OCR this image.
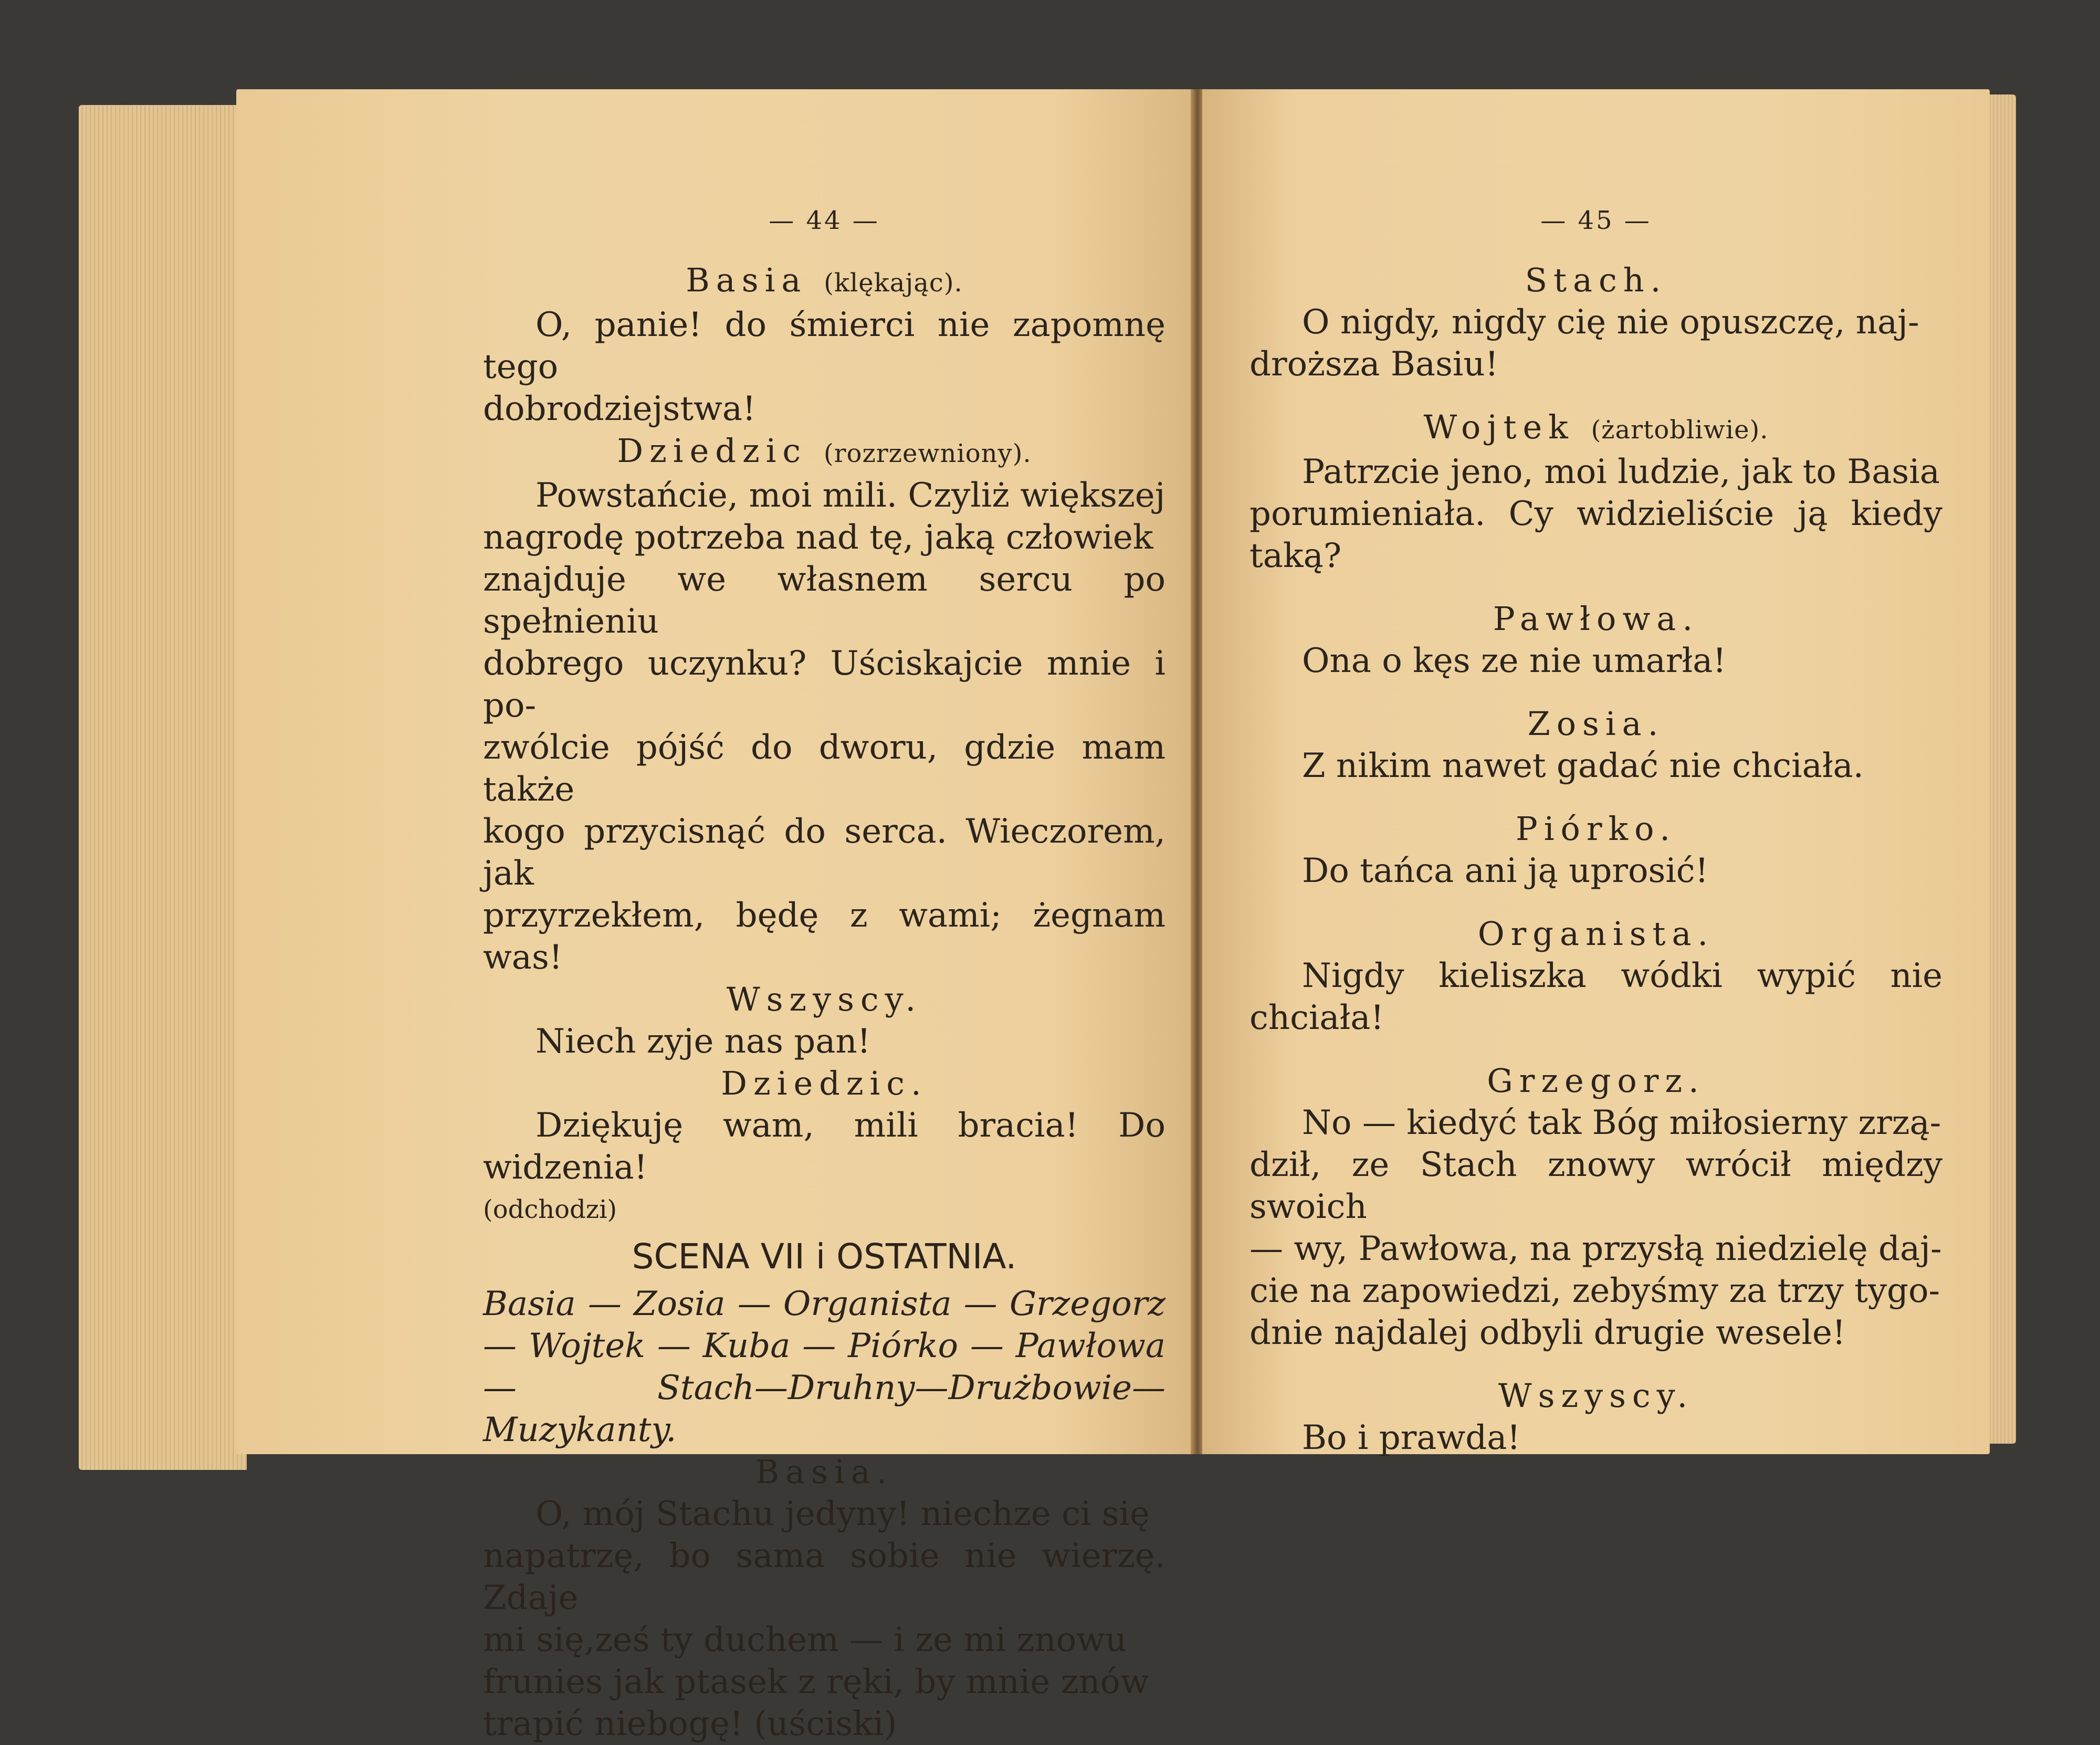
— 44 —
Basia (klękając).
O, panie! do śmierci nie zapomnę tego
dobrodziejstwa!
Dziedzic (rozrzewniony).
Powstańcie, moi mili. Czyliż większej
nagrodę potrzeba nad tę, jaką człowiek
znajduje we własnem sercu po spełnieniu
dobrego uczynku? Uściskajcie mnie i po-
zwólcie pójść do dworu, gdzie mam także
kogo przycisnąć do serca. Wieczorem, jak
przyrzekłem, będę z wami; żegnam was!
Wszyscy.
Niech zyje nas pan!
Dziedzic.
Dziękuję wam, mili bracia! Do widzenia!
(odchodzi)
SCENA VII i OSTATNIA.
Basia — Zosia — Organista — Grzegorz
— Wojtek — Kuba — Piórko — Pawłowa
— Stach—Druhny—Drużbowie—Muzykanty.
Basia.
O, mój Stachu jedyny! niechze ci się
napatrzę, bo sama sobie nie wierzę. Zdaje
mi się,ześ ty duchem — i ze mi znowu
frunies jak ptasek z ręki, by mnie znów
trapić niebogę! (uściski)
— 45 —
Stach.
O nigdy, nigdy cię nie opuszczę, naj-
droższa Basiu!
Wojtek (żartobliwie).
Patrzcie jeno, moi ludzie, jak to Basia
porumieniała. Cy widzieliście ją kiedy taką?
Pawłowa.
Ona o kęs ze nie umarła!
Zosia.
Z nikim nawet gadać nie chciała.
Piórko.
Do tańca ani ją uprosić!
Organista.
Nigdy kieliszka wódki wypić nie chciała!
Grzegorz.
No — kiedyć tak Bóg miłosierny zrzą-
dził, ze Stach znowy wrócił między swoich
— wy, Pawłowa, na przysłą niedzielę daj-
cie na zapowiedzi, zebyśmy za trzy tygo-
dnie najdalej odbyli drugie wesele!
Wszyscy.
Bo i prawda!
